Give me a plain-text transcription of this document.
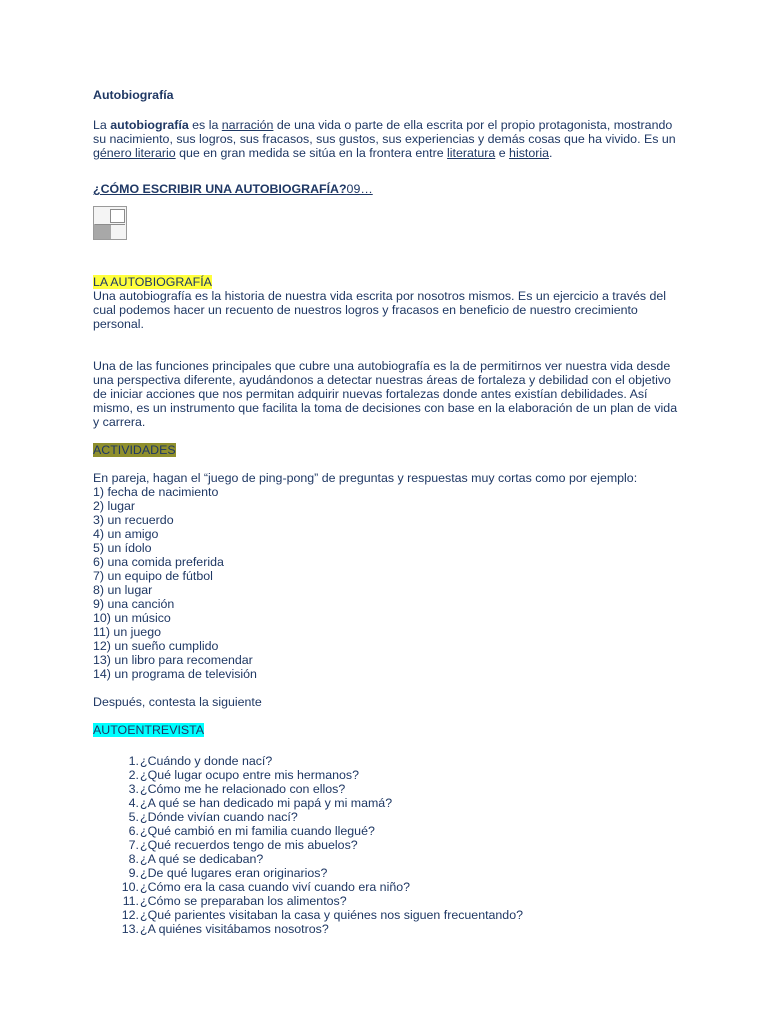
Autobiografía

La autobiografía es la narración de una vida o parte de ella escrita por el propio protagonista, mostrando su nacimiento, sus logros, sus fracasos, sus gustos, sus experiencias y demás cosas que ha vivido. Es un género literario que en gran medida se sitúa en la frontera entre literatura e historia.

¿CÓMO ESCRIBIR UNA AUTOBIOGRAFÍA?09…

LA AUTOBIOGRAFÍA

Una autobiografía es la historia de nuestra vida escrita por nosotros mismos. Es un ejercicio a través del cual podemos hacer un recuento de nuestros logros y fracasos en beneficio de nuestro crecimiento personal.

Una de las funciones principales que cubre una autobiografía es la de permitirnos ver nuestra vida desde una perspectiva diferente, ayudándonos a detectar nuestras áreas de fortaleza y debilidad con el objetivo de iniciar acciones que nos permitan adquirir nuevas fortalezas donde antes existían debilidades. Así mismo, es un instrumento que facilita la toma de decisiones con base en la elaboración de un plan de vida y carrera.

ACTIVIDADES

En pareja, hagan el “juego de ping-pong” de preguntas y respuestas muy cortas como por ejemplo:

1) fecha de nacimiento
2) lugar
3) un recuerdo
4) un amigo
5) un ídolo
6) una comida preferida
7) un equipo de fútbol
8) un lugar
9) una canción
10) un músico
11) un juego
12) un sueño cumplido
13) un libro para recomendar
14) un programa de televisión

Después, contesta la siguiente

AUTOENTREVISTA

1. ¿Cuándo y donde nací?
2. ¿Qué lugar ocupo entre mis hermanos?
3. ¿Cómo me he relacionado con ellos?
4. ¿A qué se han dedicado mi papá y mi mamá?
5. ¿Dónde vivían cuando nací?
6. ¿Qué cambió en mi familia cuando llegué?
7. ¿Qué recuerdos tengo de mis abuelos?
8. ¿A qué se dedicaban?
9. ¿De qué lugares eran originarios?
10. ¿Cómo era la casa cuando viví cuando era niño?
11. ¿Cómo se preparaban los alimentos?
12. ¿Qué parientes visitaban la casa y quiénes nos siguen frecuentando?
13. ¿A quiénes visitábamos nosotros?
